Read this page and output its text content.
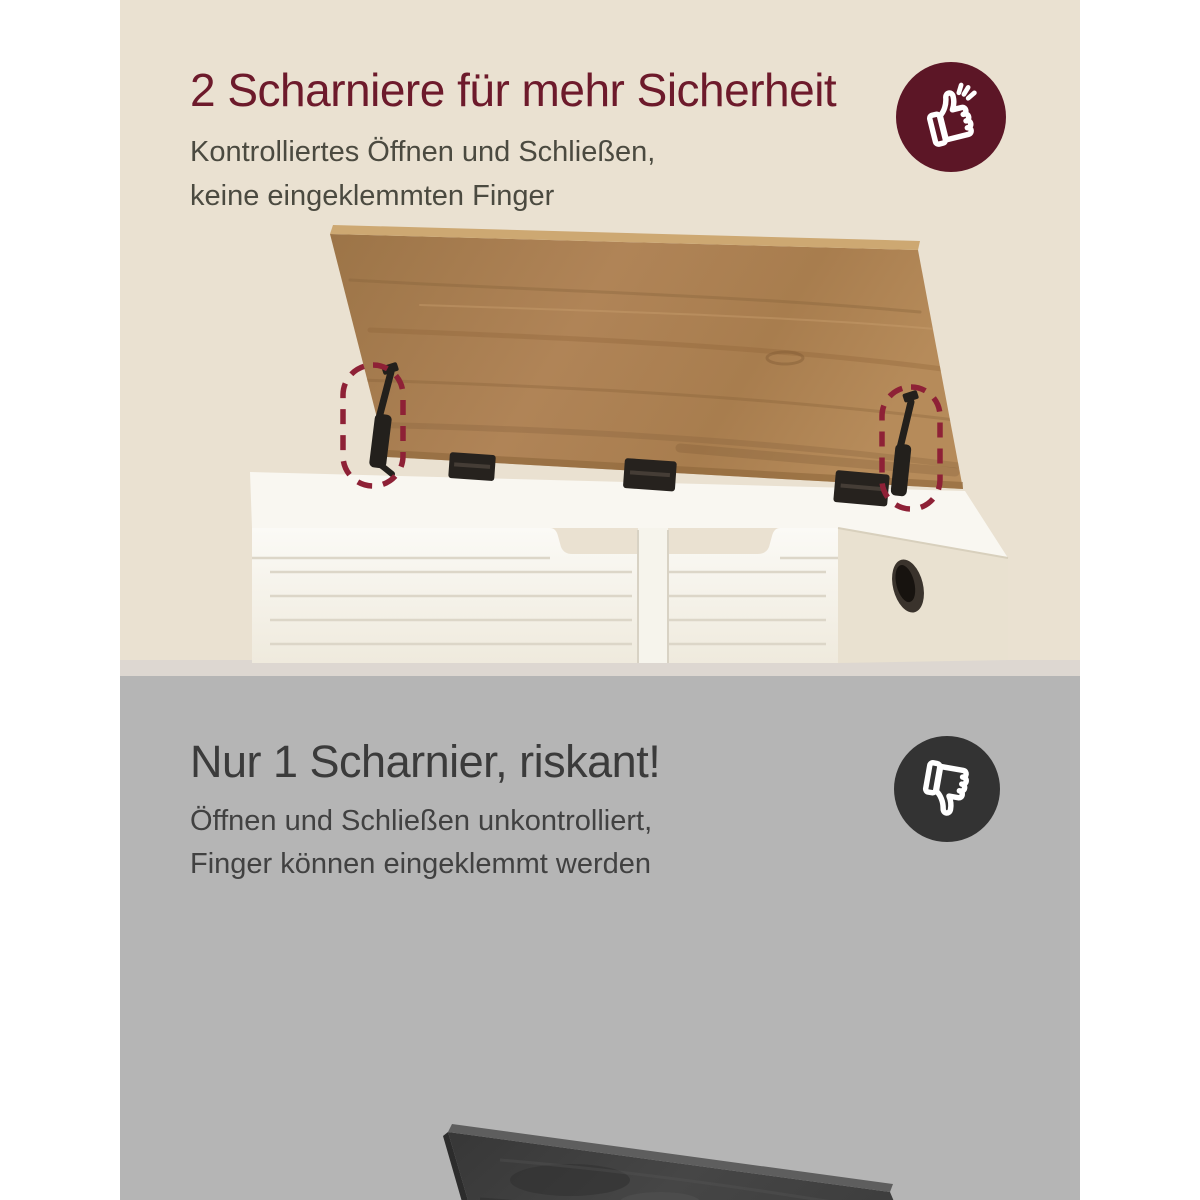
2 Scharniere für mehr Sicherheit

Kontrolliertes Öffnen und Schließen,
keine eingeklemmten Finger

Nur 1 Scharnier, riskant!

Öffnen und Schließen unkontrolliert,
Finger können eingeklemmt werden
